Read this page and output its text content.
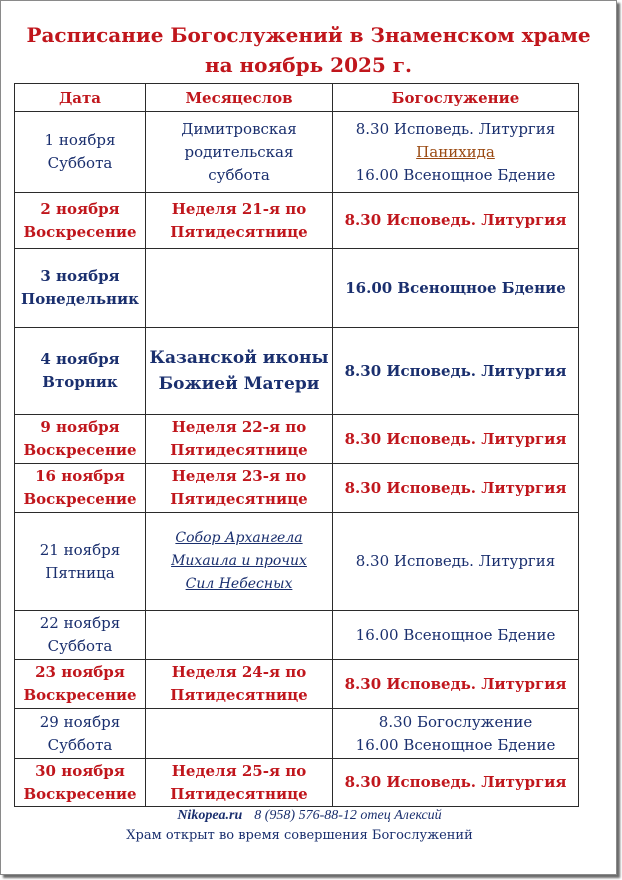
Расписание Богослужений в Знаменском храме
на ноябрь 2025 г.
Дата	Месяцеслов	Богослужение

1 ноября
Суббота	Димитровская
родительская
суббота	8.30 Исповедь. Литургия
Панихида
16.00 Всенощное Бдение

2 ноября
Воскресение	Неделя 21-я по
Пятидесятнице	8.30 Исповедь. Литургия

3 ноября
Понедельник		16.00 Всенощное Бдение

4 ноября
Вторник	Казанской иконы
Божией Матери	8.30 Исповедь. Литургия

9 ноября
Воскресение	Неделя 22-я по
Пятидесятнице	8.30 Исповедь. Литургия

16 ноября
Воскресение	Неделя 23-я по
Пятидесятнице	8.30 Исповедь. Литургия

21 ноября
Пятница	Собор Архангела
Михаила и прочих
Сил Небесных	8.30 Исповедь. Литургия

22 ноября
Суббота		16.00 Всенощное Бдение

23 ноября
Воскресение	Неделя 24-я по
Пятидесятнице	8.30 Исповедь. Литургия

29 ноября
Суббота		8.30 Богослужение
16.00 Всенощное Бдение

30 ноября
Воскресение	Неделя 25-я по
Пятидесятнице	8.30 Исповедь. Литургия
Nikopea.ru 8 (958) 576-88-12 отец Алексий
Храм открыт во время совершения Богослужений
